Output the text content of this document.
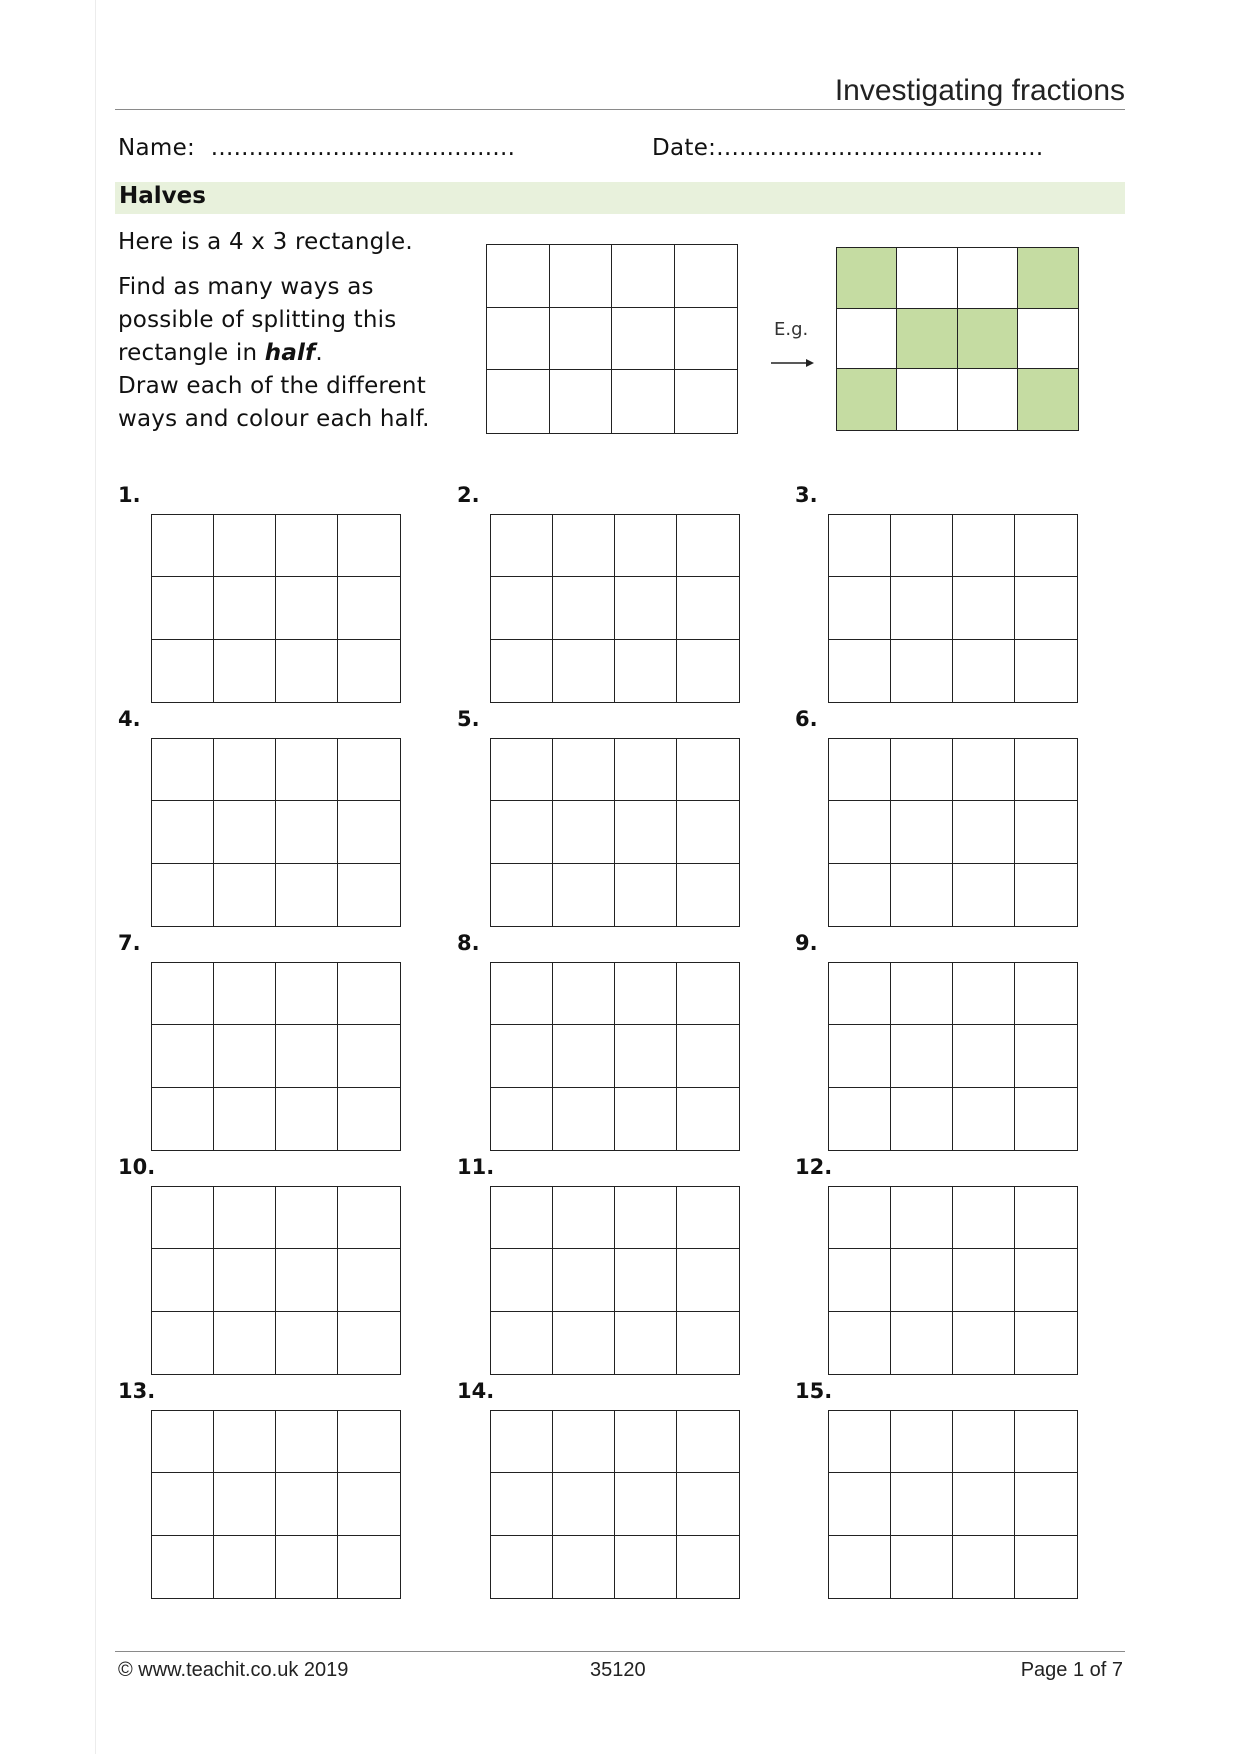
Investigating fractions
Name: ........................................	Date:...........................................
Halves
Here is a 4 x 3 rectangle.
Find as many ways as
possible of splitting this
rectangle in half.
Draw each of the different
ways and colour each half.
E.g.
1.	2.	3.
4.	5.	6.
7.	8.	9.
10.	11.	12.
13.	14.	15.
© www.teachit.co.uk 2019	35120	Page 1 of 7
